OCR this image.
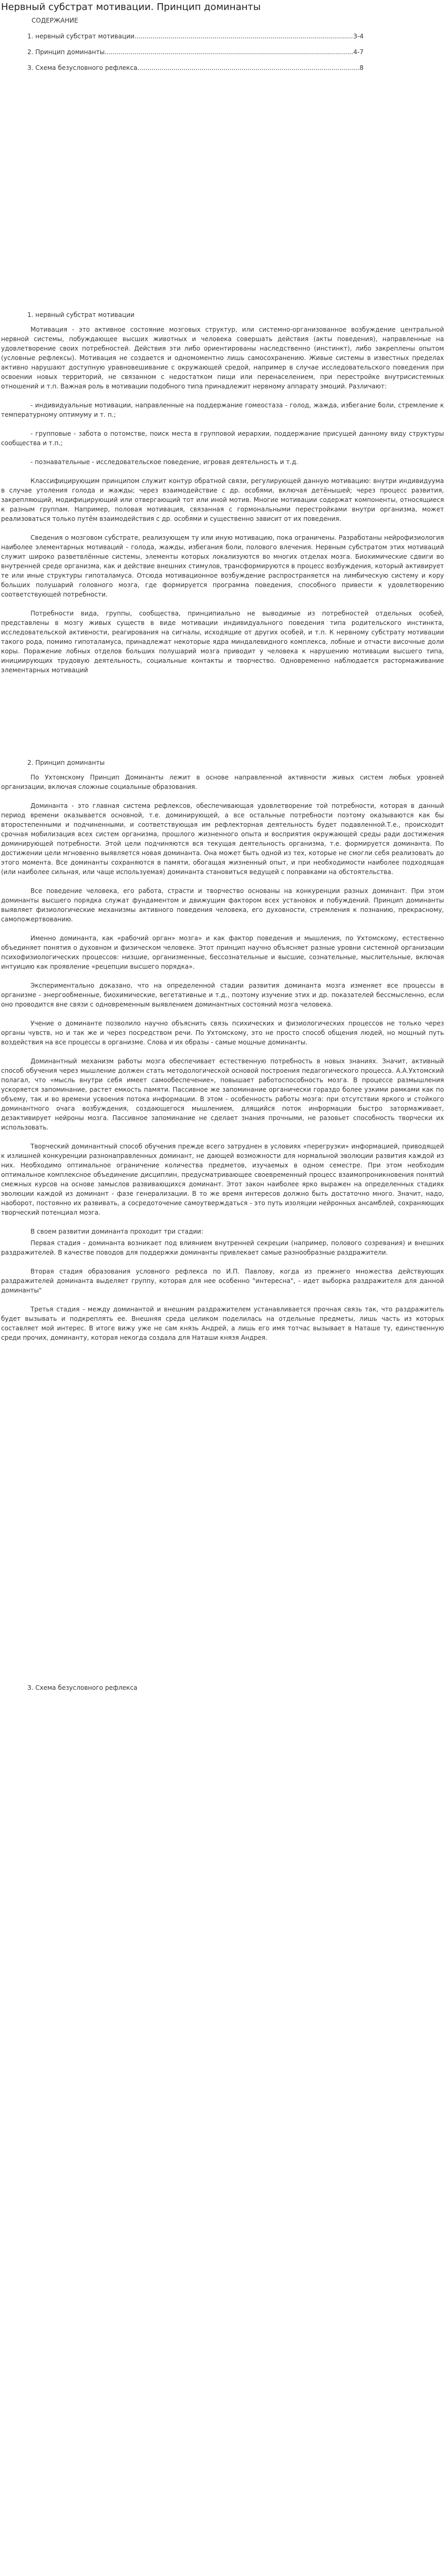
Нервный субстрат мотивации. Принцип доминанты
СОДЕРЖАНИЕ
1. нервный субстрат мотивации .....	3-4
2. Принцип доминанты .....	4-7
3. Схема безусловного рефлекса .....	8
1. нервный субстрат мотивации

Мотивация - это активное состояние мозговых структур, или системно-организованное возбуждение центральной нервной системы, побуждающее высших животных и человека совершать действия (акты поведения), направленные на удовлетворение своих потребностей. Действия эти либо ориентированы наследственно (инстинкт), либо закреплены опытом (условные рефлексы). Мотивация не создается и одномоментно лишь самосохранению. Живые системы в известных пределах активно нарушают доступную уравновешивание с окружающей средой, например в случае исследовательского поведения при освоении новых территорий, не связанном с недостатком пищи или перенаселением, при перестройке внутрисистемных отношений и т.п. Важная роль в мотивации подобного типа принадлежит нервному аппарату эмоций. Различают:

- индивидуальные мотивации, направленные на поддержание гомеостаза - голод, жажда, избегание боли, стремление к температурному оптимуму и т. п.;

- групповые - забота о потомстве, поиск места в групповой иерархии, поддержание присущей данному виду структуры сообщества и т.п.;

- познавательные - исследовательское поведение, игровая деятельность и т.д.

Классифицирующим принципом служит контур обратной связи, регулирующей данную мотивацию: внутри индивидуума в случае утоления голода и жажды; через взаимодействие с др. особями, включая детёнышей; через процесс развития, закрепляющий, модифицирующий или отвергающий тот или иной мотив. Многие мотивации содержат компоненты, относящиеся к разным группам. Например, половая мотивация, связанная с гормональными перестройками внутри организма, может реализоваться только путём взаимодействия с др. особями и существенно зависит от их поведения.

Сведения о мозговом субстрате, реализующем ту или иную мотивацию, пока ограничены. Разработаны нейрофизиология наиболее элементарных мотиваций - голода, жажды, избегания боли, полового влечения. Нервным субстратом этих мотиваций служит широко разветвлённые системы, элементы которых локализуются во многих отделах мозга. Биохимические сдвиги во внутренней среде организма, как и действие внешних стимулов, трансформируются в процесс возбуждения, который активирует те или иные структуры гипоталамуса. Отсюда мотивационное возбуждение распространяется на лимбическую систему и кору больших полушарий головного мозга, где формируется программа поведения, способного привести к удовлетворению соответствующей потребности.

Потребности вида, группы, сообщества, принципиально не выводимые из потребностей отдельных особей, представлены в мозгу живых существ в виде мотивации индивидуального поведения типа родительского инстинкта, исследовательской активности, реагирования на сигналы, исходящие от других особей, и т.п. К нервному субстрату мотивации такого рода, помимо гипоталамуса, принадлежат некоторые ядра миндалевидного комплекса, лобные и отчасти височные доли коры. Поражение лобных отделов больших полушарий мозга приводит у человека к нарушению мотивации высшего типа, инициирующих трудовую деятельность, социальные контакты и творчество. Одновременно наблюдается растормаживание элементарных мотиваций

2. Принцип доминанты

По Ухтомскому Принцип Доминанты лежит в основе направленной активности живых систем любых уровней организации, включая сложные социальные образования.

Доминанта - это главная система рефлексов, обеспечивающая удовлетворение той потребности, которая в данный период времени оказывается основной, т.е. доминирующей, а все остальные потребности поэтому оказываются как бы второстепенными и подчиненными, и соответствующая им рефлекторная деятельность будет подавленной.Т.е., происходит срочная мобилизация всех систем организма, прошлого жизненного опыта и восприятия окружающей среды ради достижения доминирующей потребности. Этой цели подчиняются вся текущая деятельность организма, т.е. формируется доминанта. По достижении цели мгновенно выявляется новая доминанта. Она может быть одной из тех, которые не смогли себя реализовать до этого момента. Все доминанты сохраняются в памяти, обогащая жизненный опыт, и при необходимости наиболее подходящая (или наиболее сильная, или чаще используемая) доминанта становиться ведущей с поправками на обстоятельства.

Все поведение человека, его работа, страсти и творчество основаны на конкуренции разных доминант. При этом доминанты высшего порядка служат фундаментом и движущим фактором всех установок и побуждений. Принцип доминанты выявляет физиологические механизмы активного поведения человека, его духовности, стремления к познанию, прекрасному, самопожертвованию.

Именно доминанта, как «рабочий орган» мозга» и как фактор поведения и мышления, по Ухтомскому, естественно объединяет понятия о духовном и физическом человеке. Этот принцип научно объясняет разные уровни системной организации психофизиологических процессов: низшие, организменные, бессознательные и высшие, сознательные, мыслительные, включая интуицию как проявление «рецепции высшего порядка».

Экспериментально доказано, что на определенной стадии развития доминанта мозга изменяет все процессы в организме - энергообменные, биохимические, вегетативные и т.д., поэтому изучение этих и др. показателей бессмысленно, если оно проводится вне связи с одновременным выявлением доминантных состояний мозга человека.

Учение о доминанте позволило научно объяснить связь психических и физиологических процессов не только через органы чувств, но и так же и через посредством речи. По Ухтомскому, это не просто способ общения людей, но мощный путь воздействия на все процессы в организме. Слова и их образы - самые мощные доминанты.

Доминантный механизм работы мозга обеспечивает естественную потребность в новых знаниях. Значит, активный способ обучения через мышление должен стать методологической основой построения педагогического процесса. А.А.Ухтомский полагал, что «мысль внутри себя имеет самообеспечение», повышает работоспособность мозга. В процессе размышления ускоряется запоминание, растет емкость памяти. Пассивное же запоминание органически гораздо более узкими рамками как по объему, так и во времени усвоения потока информации. В этом - особенность работы мозга: при отсутствии яркого и стойкого доминантного очага возбуждения, создающегося мышлением, длящийся поток информации быстро затормаживает, дезактивирует нейроны мозга. Пассивное запоминание не сделает знания прочными, не разовьет способность творчески их использовать.

Творческий доминантный способ обучения прежде всего затруднен в условиях «перегрузки» информацией, приводящей к излишней конкуренции разнонаправленных доминант, не дающей возможности для нормальной эволюции развития каждой из них. Необходимо оптимальное ограничение количества предметов, изучаемых в одном семестре. При этом необходим оптимальное комплексное объединение дисциплин, предусматривающее своевременный процесс взаимопроникновения понятий смежных курсов на основе замыслов развивающихся доминант. Этот закон наиболее ярко выражен на определенных стадиях эволюции каждой из доминант - фазе генерализации. В то же время интересов должно быть достаточно много. Значит, надо, наоборот, постоянно их развивать, а сосредоточение самоутверждаться - это путь изоляции нейронных ансамблей, сохраняющих творческий потенциал мозга.

В своем развитии доминанта проходит три стадии:

Первая стадия - доминанта возникает под влиянием внутренней секреции (например, полового созревания) и внешних раздражителей. В качестве поводов для поддержки доминанты привлекает самые разнообразные раздражители.

Вторая стадия образования условного рефлекса по И.П. Павлову, когда из прежнего множества действующих раздражителей доминанта выделяет группу, которая для нее особенно "интересна", - идет выборка раздражителя для данной доминанты"

Третья стадия - между доминантой и внешним раздражителем устанавливается прочная связь так, что раздражитель будет вызывать и подкреплять ее. Внешняя среда целиком поделилась на отдельные предметы, лишь часть из которых составляет мой интерес. В итоге вижу уже не сам князь Андрей, а лишь его имя тотчас вызывает в Наташе ту, единственную среди прочих, доминанту, которая некогда создала для Наташи князя Андрея.

3. Схема безусловного рефлекса
